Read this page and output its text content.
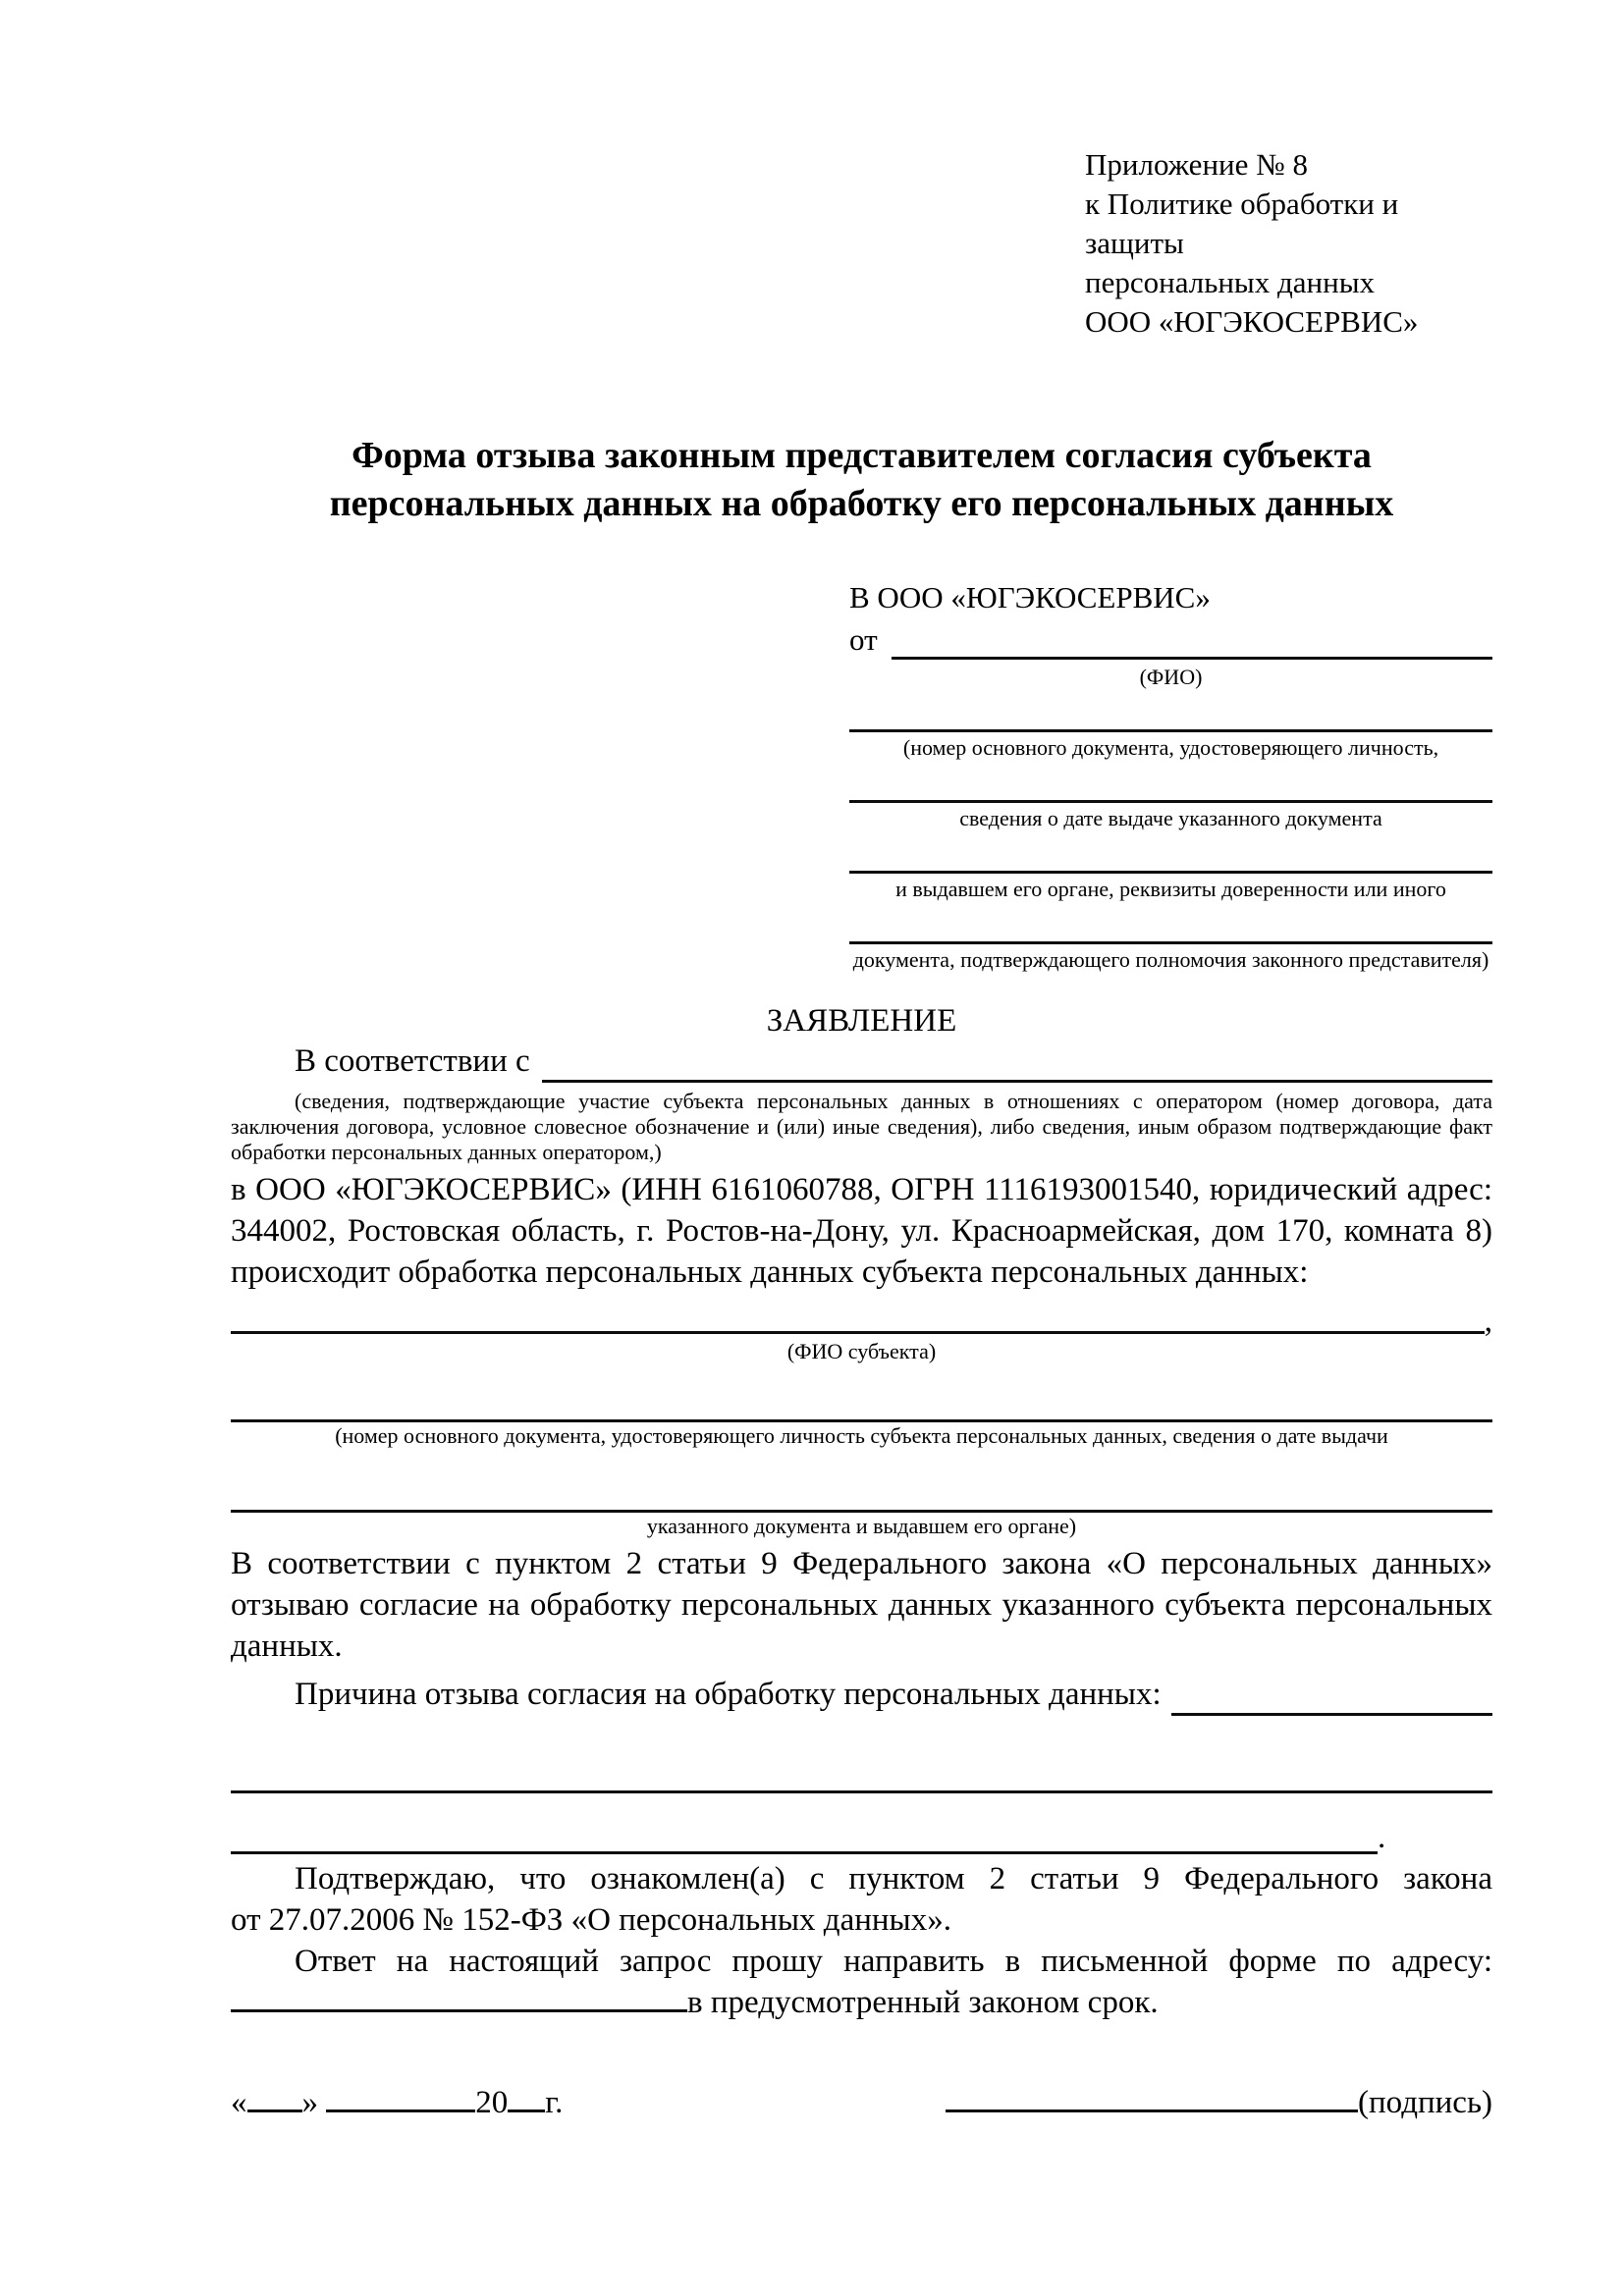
Приложение № 8
к Политике обработки и защиты
персональных данных
ООО «ЮГЭКОСЕРВИС»
Форма отзыва законным представителем согласия субъекта
персональных данных на обработку его персональных данных
В ООО «ЮГЭКОСЕРВИС»
от
(ФИО)
(номер основного документа, удостоверяющего личность,
сведения о дате выдаче указанного документа
и выдавшем его органе, реквизиты доверенности или иного
документа, подтверждающего полномочия законного представителя)
ЗАЯВЛЕНИЕ
В соответствии с
(сведения, подтверждающие участие субъекта персональных данных в отношениях с оператором (номер договора, дата
заключения договора, условное словесное обозначение и (или) иные сведения), либо сведения, иным образом подтверждающие факт
обработки персональных данных оператором,)
в ООО «ЮГЭКОСЕРВИС» (ИНН 6161060788, ОГРН 1116193001540, юридический адрес:
344002, Ростовская область, г. Ростов-на-Дону, ул. Красноармейская, дом 170, комната 8)
происходит обработка персональных данных субъекта персональных данных:
,
(ФИО субъекта)
(номер основного документа, удостоверяющего личность субъекта персональных данных, сведения о дате выдачи
указанного документа и выдавшем его органе)
В соответствии с пунктом 2 статьи 9 Федерального закона «О персональных данных»
отзываю согласие на обработку персональных данных указанного субъекта персональных
данных.
Причина отзыва согласия на обработку персональных данных:
.
Подтверждаю, что ознакомлен(а) с пунктом 2 статьи 9 Федерального закона
от 27.07.2006 № 152-ФЗ «О персональных данных».
Ответ на настоящий запрос прошу направить в письменной форме по адресу:
в предусмотренный законом срок.
« »	20 г.	(подпись)
